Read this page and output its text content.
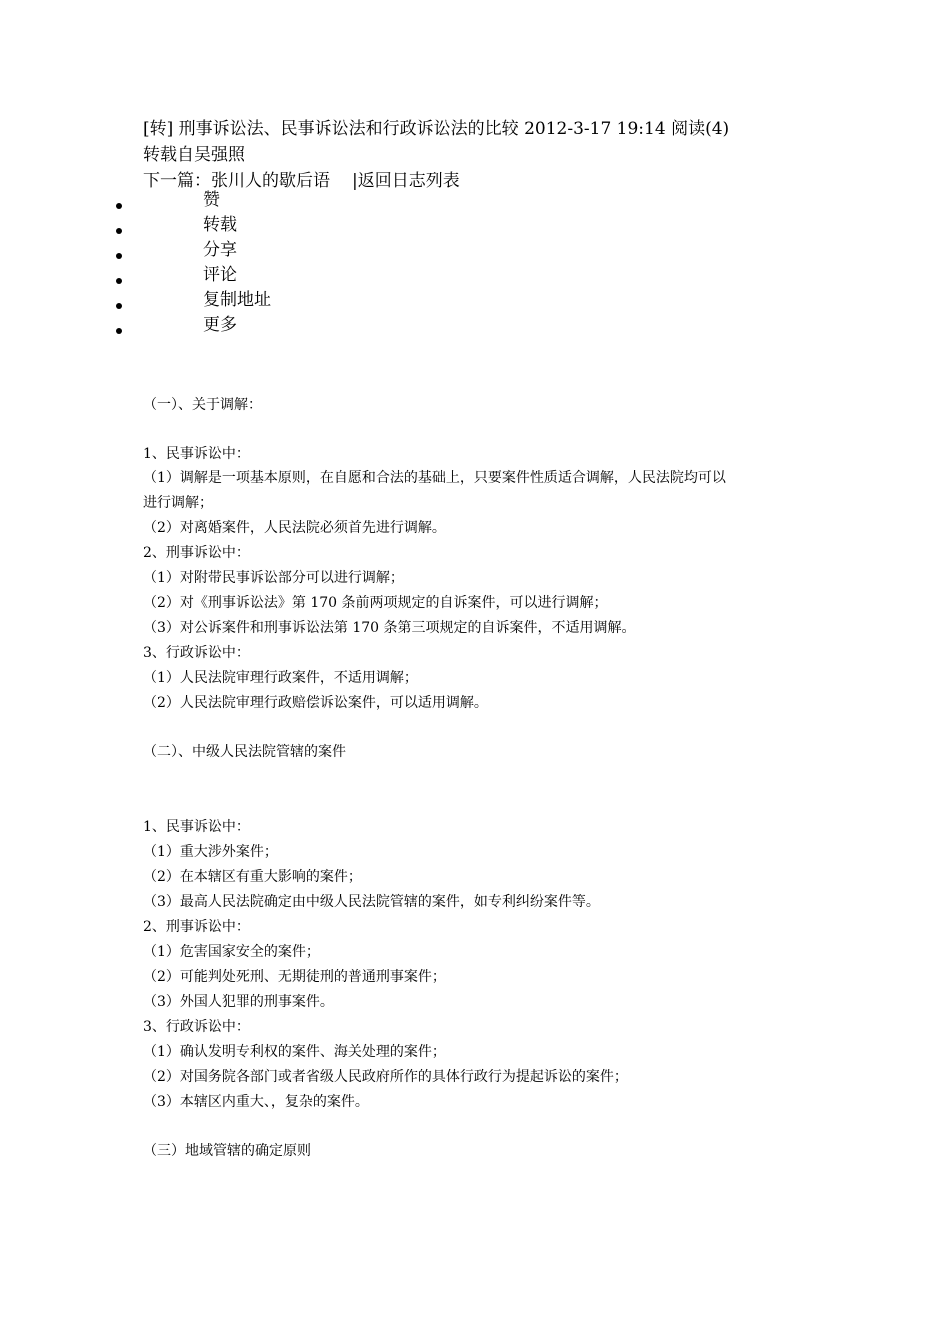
[转] 刑事诉讼法、民事诉讼法和行政诉讼法的比较 2012-3-17 19:14 阅读(4)
转载自吴强照
下一篇：张川人的歇后语 |返回日志列表
赞
转载
分享
评论
复制地址
更多
（一）、关于调解：
1、民事诉讼中：
（1）调解是一项基本原则，在自愿和合法的基础上，只要案件性质适合调解，人民法院均可以
进行调解；
（2）对离婚案件，人民法院必须首先进行调解。
2、刑事诉讼中：
（1）对附带民事诉讼部分可以进行调解；
（2）对《刑事诉讼法》第 170 条前两项规定的自诉案件，可以进行调解；
（3）对公诉案件和刑事诉讼法第 170 条第三项规定的自诉案件，不适用调解。
3、行政诉讼中：
（1）人民法院审理行政案件，不适用调解；
（2）人民法院审理行政赔偿诉讼案件，可以适用调解。
（二）、中级人民法院管辖的案件
1、民事诉讼中：
（1）重大涉外案件；
（2）在本辖区有重大影响的案件；
（3）最高人民法院确定由中级人民法院管辖的案件，如专利纠纷案件等。
2、刑事诉讼中：
（1）危害国家安全的案件；
（2）可能判处死刑、无期徒刑的普通刑事案件；
（3）外国人犯罪的刑事案件。
3、行政诉讼中：
（1）确认发明专利权的案件、海关处理的案件；
（2）对国务院各部门或者省级人民政府所作的具体行政行为提起诉讼的案件；
（3）本辖区内重大、，复杂的案件。
（三）地域管辖的确定原则
